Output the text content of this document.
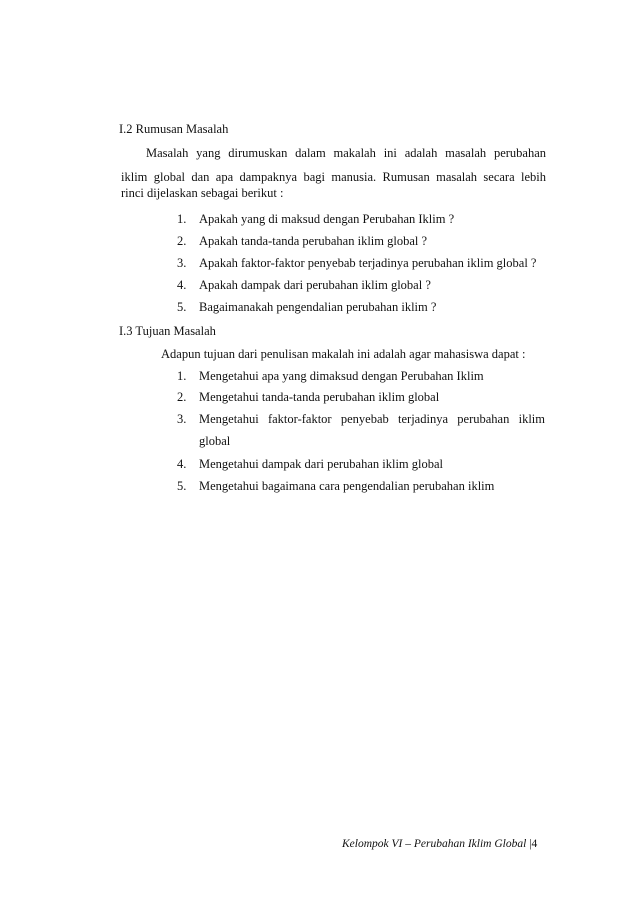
I.2 Rumusan Masalah
Masalah yang dirumuskan dalam makalah ini adalah masalah perubahan
iklim global dan apa dampaknya bagi manusia. Rumusan masalah secara lebih
rinci dijelaskan sebagai berikut :
1.	Apakah yang di maksud dengan Perubahan Iklim ?
2.	Apakah tanda-tanda perubahan iklim global ?
3.	Apakah faktor-faktor penyebab terjadinya perubahan iklim global ?
4.	Apakah dampak dari perubahan iklim global ?
5.	Bagaimanakah pengendalian perubahan iklim ?
I.3 Tujuan Masalah
Adapun tujuan dari penulisan makalah ini adalah agar mahasiswa dapat :
1.	Mengetahui apa yang dimaksud dengan Perubahan Iklim
2.	Mengetahui tanda-tanda perubahan iklim global
3.	Mengetahui faktor-faktor penyebab terjadinya perubahan iklim
global
4.	Mengetahui dampak dari perubahan iklim global
5.	Mengetahui bagaimana cara pengendalian perubahan iklim
Kelompok VI – Perubahan Iklim Global |4
